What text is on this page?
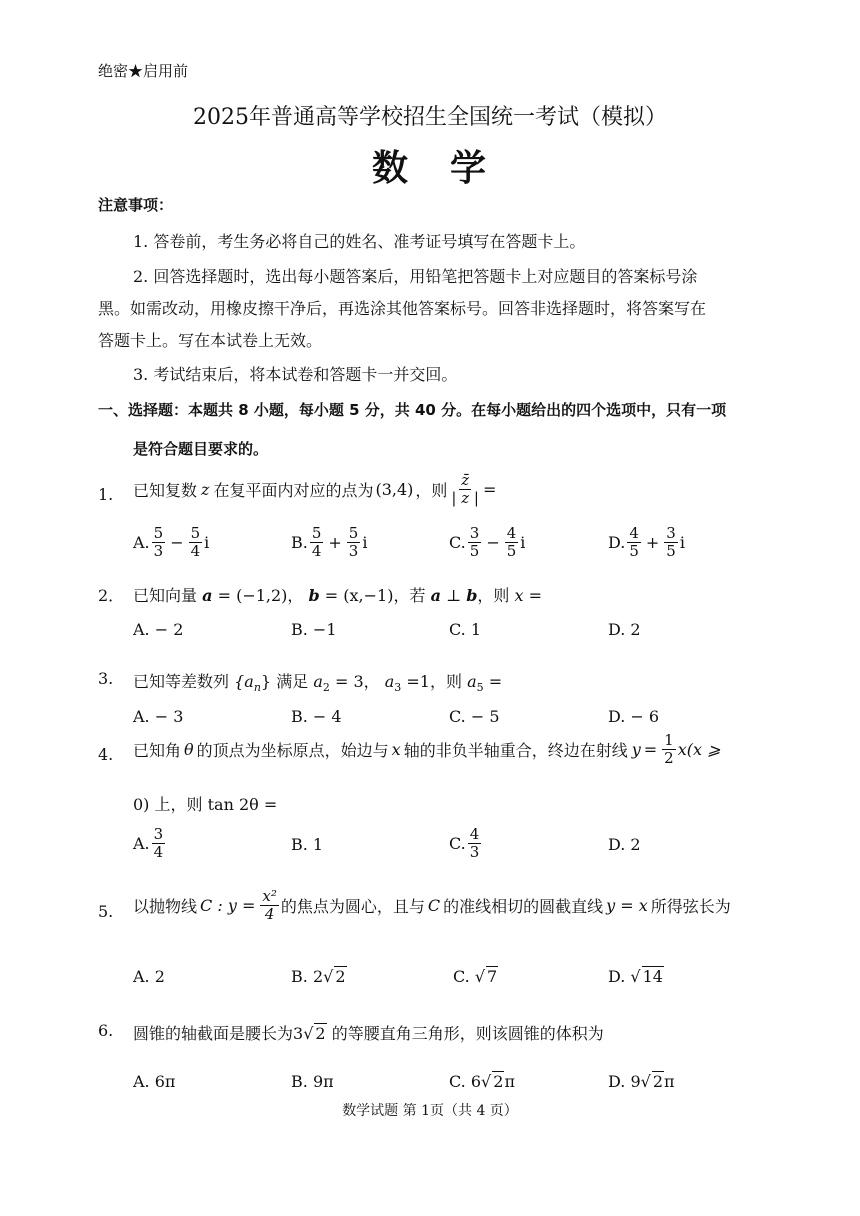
绝密★启用前
2025年普通高等学校招生全国统一考试（模拟）
数 学
注意事项：
1. 答卷前，考生务必将自己的姓名、准考证号填写在答题卡上。
2. 回答选择题时，选出每小题答案后，用铅笔把答题卡上对应题目的答案标号涂
黑。如需改动，用橡皮擦干净后，再选涂其他答案标号。回答非选择题时，将答案写在
答题卡上。写在本试卷上无效。
3. 考试结束后，将本试卷和答题卡一并交回。
一、选择题：本题共 8 小题，每小题 5 分，共 40 分。在每小题给出的四个选项中，只有一项
是符合题目要求的。
1. 已知复数 z 在复平面内对应的点为 (3,4) ，则 $\frac{z̄}{| z |}$ =
A. $\frac{5}{3} - \frac{5}{4}$ i	B. $\frac{5}{4} + \frac{5}{3}$ i	C. $\frac{3}{5} - \frac{4}{5}$ i	D. $\frac{4}{5} + \frac{3}{5}$ i
2． 已知向量 a = (−1,2)， b = (x,−1)，若 a ⊥ b，则 x =
A. − 2	B. −1	C. 1	D. 2
3. 已知等差数列 $\{a_n\}$ 满足 $a_2 = 3$， $a_3 =1$，则 $a_5$ =
A. − 3	B. − 4	C. − 5	D. − 6
4. 已知角 θ 的顶点为坐标原点，始边与 x 轴的非负半轴重合，终边在射线 $y = \frac{1}{2} x(x$ ⩾
0) 上，则 tan 2θ =
A. $\frac{3}{4}$	B. 1	C. $\frac{4}{3}$	D. 2
5. 以抛物线 C : $y = \frac{\text{x²}}{4}$ 的焦点为圆心，且与 C 的准线相切的圆截直线 y = x 所得弦长为
A. 2	B. 2√ 2	C. √ 7	D. √ 14
6. 圆锥的轴截面是腰长为3√ 2 的等腰直角三角形，则该圆锥的体积为
A. 6π	B. 9π	C. 6√ 2π	D. 9√ 2π
数学试题 第 1页（共 4 页）
